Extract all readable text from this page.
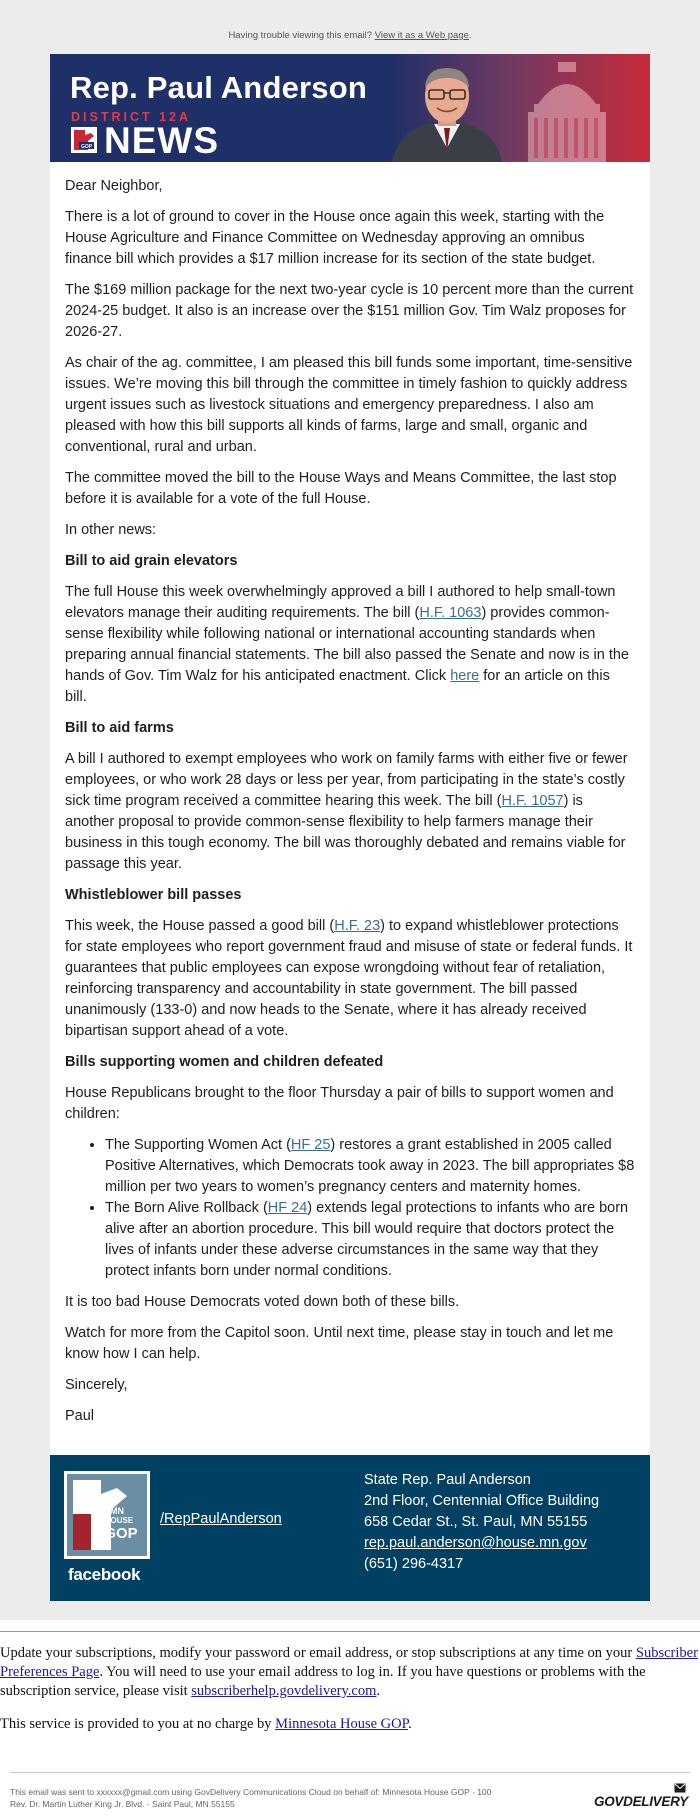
Having trouble viewing this email? View it as a Web page.
Rep. Paul Anderson
DISTRICT 12A
GOP NEWS

Dear Neighbor,

There is a lot of ground to cover in the House once again this week, starting with the House Agriculture and Finance Committee on Wednesday approving an omnibus finance bill which provides a $17 million increase for its section of the state budget.

The $169 million package for the next two-year cycle is 10 percent more than the current 2024-25 budget. It also is an increase over the $151 million Gov. Tim Walz proposes for 2026-27.

As chair of the ag. committee, I am pleased this bill funds some important, time-sensitive issues. We’re moving this bill through the committee in timely fashion to quickly address urgent issues such as livestock situations and emergency preparedness. I also am pleased with how this bill supports all kinds of farms, large and small, organic and conventional, rural and urban.

The committee moved the bill to the House Ways and Means Committee, the last stop before it is available for a vote of the full House.

In other news:

Bill to aid grain elevators

The full House this week overwhelmingly approved a bill I authored to help small-town elevators manage their auditing requirements. The bill (H.F. 1063) provides common-sense flexibility while following national or international accounting standards when preparing annual financial statements. The bill also passed the Senate and now is in the hands of Gov. Tim Walz for his anticipated enactment. Click here for an article on this bill.

Bill to aid farms

A bill I authored to exempt employees who work on family farms with either five or fewer employees, or who work 28 days or less per year, from participating in the state’s costly sick time program received a committee hearing this week. The bill (H.F. 1057) is another proposal to provide common-sense flexibility to help farmers manage their business in this tough economy. The bill was thoroughly debated and remains viable for passage this year.

Whistleblower bill passes

This week, the House passed a good bill (H.F. 23) to expand whistleblower protections for state employees who report government fraud and misuse of state or federal funds. It guarantees that public employees can expose wrongdoing without fear of retaliation, reinforcing transparency and accountability in state government. The bill passed unanimously (133-0) and now heads to the Senate, where it has already received bipartisan support ahead of a vote.

Bills supporting women and children defeated

House Republicans brought to the floor Thursday a pair of bills to support women and children:

• The Supporting Women Act (HF 25) restores a grant established in 2005 called Positive Alternatives, which Democrats took away in 2023. The bill appropriates $8 million per two years to women’s pregnancy centers and maternity homes.
• The Born Alive Rollback (HF 24) extends legal protections to infants who are born alive after an abortion procedure. This bill would require that doctors protect the lives of infants under these adverse circumstances in the same way that they protect infants born under normal conditions.

It is too bad House Democrats voted down both of these bills.

Watch for more from the Capitol soon. Until next time, please stay in touch and let me know how I can help.

Sincerely,

Paul

MN
HOUSE
GOP
facebook
/RepPaulAnderson
State Rep. Paul Anderson
2nd Floor, Centennial Office Building
658 Cedar St., St. Paul, MN 55155
rep.paul.anderson@house.mn.gov
(651) 296-4317

Update your subscriptions, modify your password or email address, or stop subscriptions at any time on your Subscriber Preferences Page. You will need to use your email address to log in. If you have questions or problems with the subscription service, please visit subscriberhelp.govdelivery.com.

This service is provided to you at no charge by Minnesota House GOP.

This email was sent to xxxxxx@gmail.com using GovDelivery Communications Cloud on behalf of: Minnesota House GOP · 100
Rev. Dr. Martin Luther King Jr. Blvd. · Saint Paul, MN 55155	GOVDELIVERY
